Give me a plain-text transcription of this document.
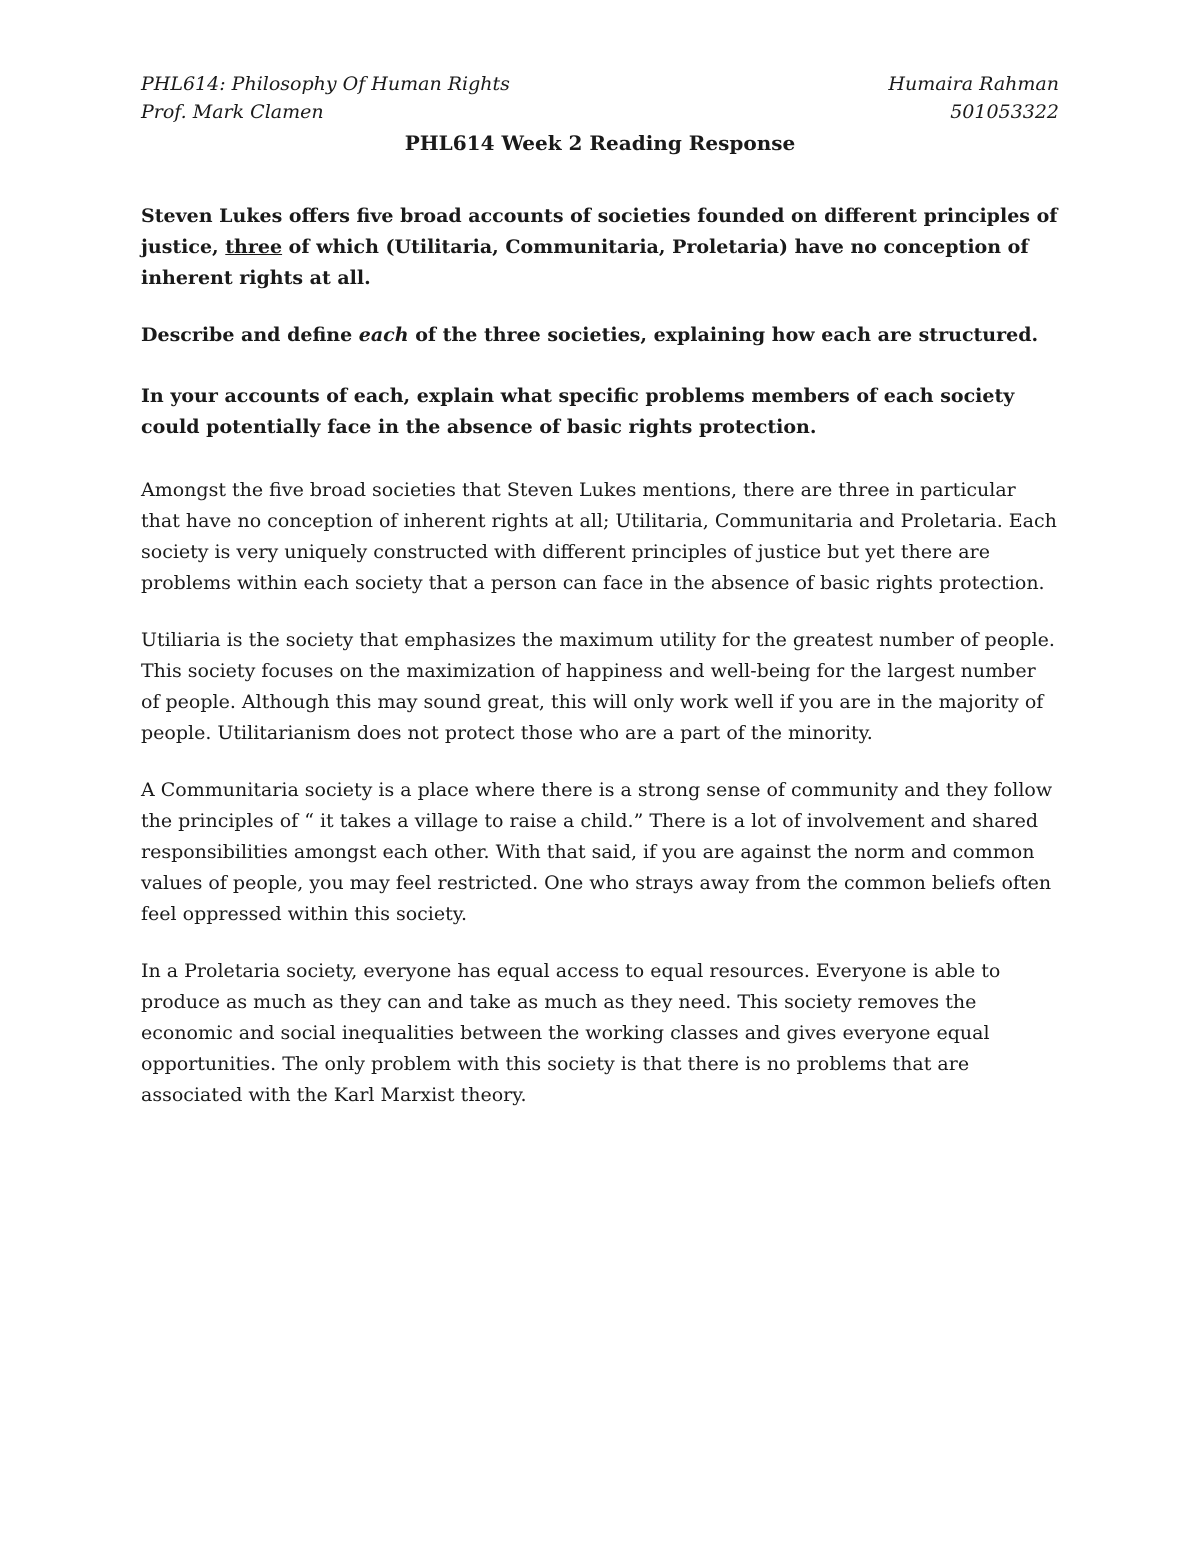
PHL614: Philosophy Of Human Rights	Humaira Rahman
Prof. Mark Clamen	501053322
PHL614 Week 2 Reading Response

Steven Lukes offers five broad accounts of societies founded on different principles of justice, three of which (Utilitaria, Communitaria, Proletaria) have no conception of inherent rights at all.

Describe and define each of the three societies, explaining how each are structured.

In your accounts of each, explain what specific problems members of each society could potentially face in the absence of basic rights protection.

Amongst the five broad societies that Steven Lukes mentions, there are three in particular that have no conception of inherent rights at all; Utilitaria, Communitaria and Proletaria. Each society is very uniquely constructed with different principles of justice but yet there are problems within each society that a person can face in the absence of basic rights protection.

Utiliaria is the society that emphasizes the maximum utility for the greatest number of people. This society focuses on the maximization of happiness and well-being for the largest number of people. Although this may sound great, this will only work well if you are in the majority of people. Utilitarianism does not protect those who are a part of the minority.

A Communitaria society is a place where there is a strong sense of community and they follow the principles of “ it takes a village to raise a child.” There is a lot of involvement and shared responsibilities amongst each other. With that said, if you are against the norm and common values of people, you may feel restricted. One who strays away from the common beliefs often feel oppressed within this society.

In a Proletaria society, everyone has equal access to equal resources. Everyone is able to produce as much as they can and take as much as they need. This society removes the economic and social inequalities between the working classes and gives everyone equal opportunities. The only problem with this society is that there is no problems that are associated with the Karl Marxist theory.
